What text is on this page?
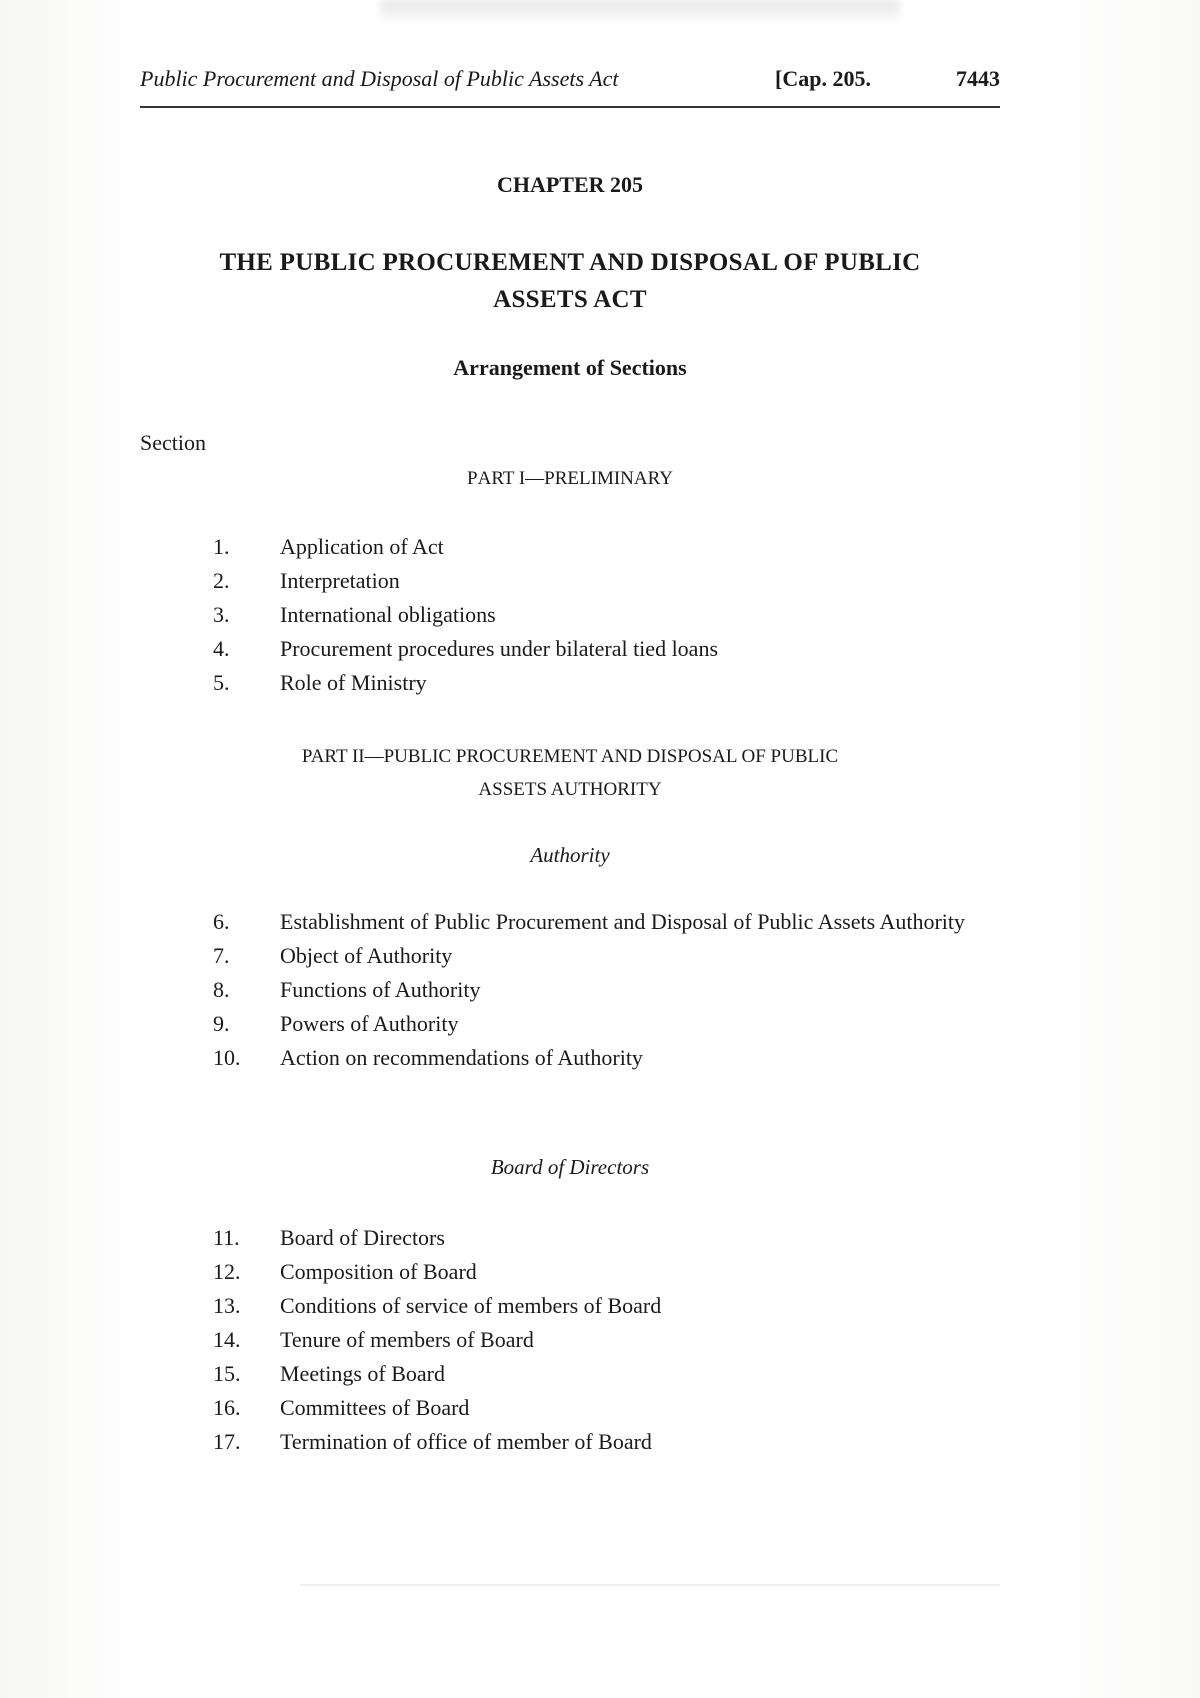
Public Procurement and Disposal of Public Assets Act	[Cap. 205.	7443
CHAPTER 205
THE PUBLIC PROCUREMENT AND DISPOSAL OF PUBLIC
ASSETS ACT
Arrangement of Sections
Section
PART I—PRELIMINARY
1. Application of Act
2. Interpretation
3. International obligations
4. Procurement procedures under bilateral tied loans
5. Role of Ministry
PART II—PUBLIC PROCUREMENT AND DISPOSAL OF PUBLIC
ASSETS AUTHORITY
Authority
6. Establishment of Public Procurement and Disposal of Public Assets Authority
7. Object of Authority
8. Functions of Authority
9. Powers of Authority
10. Action on recommendations of Authority
Board of Directors
11. Board of Directors
12. Composition of Board
13. Conditions of service of members of Board
14. Tenure of members of Board
15. Meetings of Board
16. Committees of Board
17. Termination of office of member of Board
